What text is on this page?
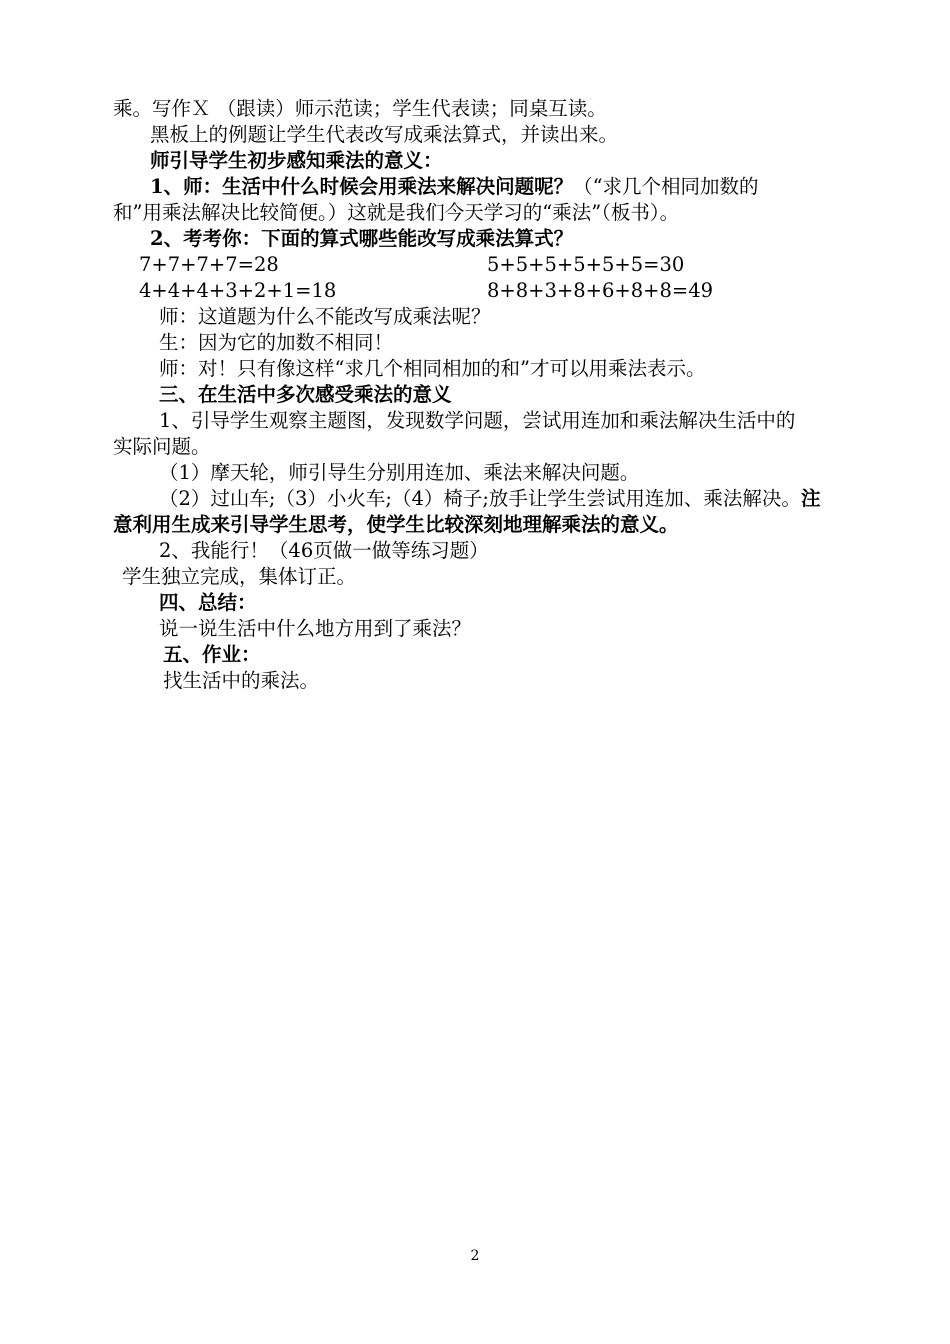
乘。写作Ｘ （跟读）师示范读；学生代表读；同桌互读。
黑板上的例题让学生代表改写成乘法算式，并读出来。
师引导学生初步感知乘法的意义：
1、师：生活中什么时候会用乘法来解决问题呢？（“求几个相同加数的
和”用乘法解决比较简便。）这就是我们今天学习的“乘法”（板书）。
2、考考你：下面的算式哪些能改写成乘法算式？
7+7+7+7=28	5+5+5+5+5+5=30
4+4+4+3+2+1=18	8+8+3+8+6+8+8=49
师：这道题为什么不能改写成乘法呢？
生：因为它的加数不相同！
师：对！只有像这样“求几个相同相加的和”才可以用乘法表示。
三、在生活中多次感受乘法的意义
1、引导学生观察主题图，发现数学问题，尝试用连加和乘法解决生活中的
实际问题。
（1）摩天轮，师引导生分别用连加、乘法来解决问题。
（2）过山车;（3）小火车;（4）椅子;放手让学生尝试用连加、乘法解决。注
意利用生成来引导学生思考，使学生比较深刻地理解乘法的意义。
2、我能行！（46页做一做等练习题）
学生独立完成，集体订正。
四、总结：
说一说生活中什么地方用到了乘法？
五、作业：
找生活中的乘法。
2
